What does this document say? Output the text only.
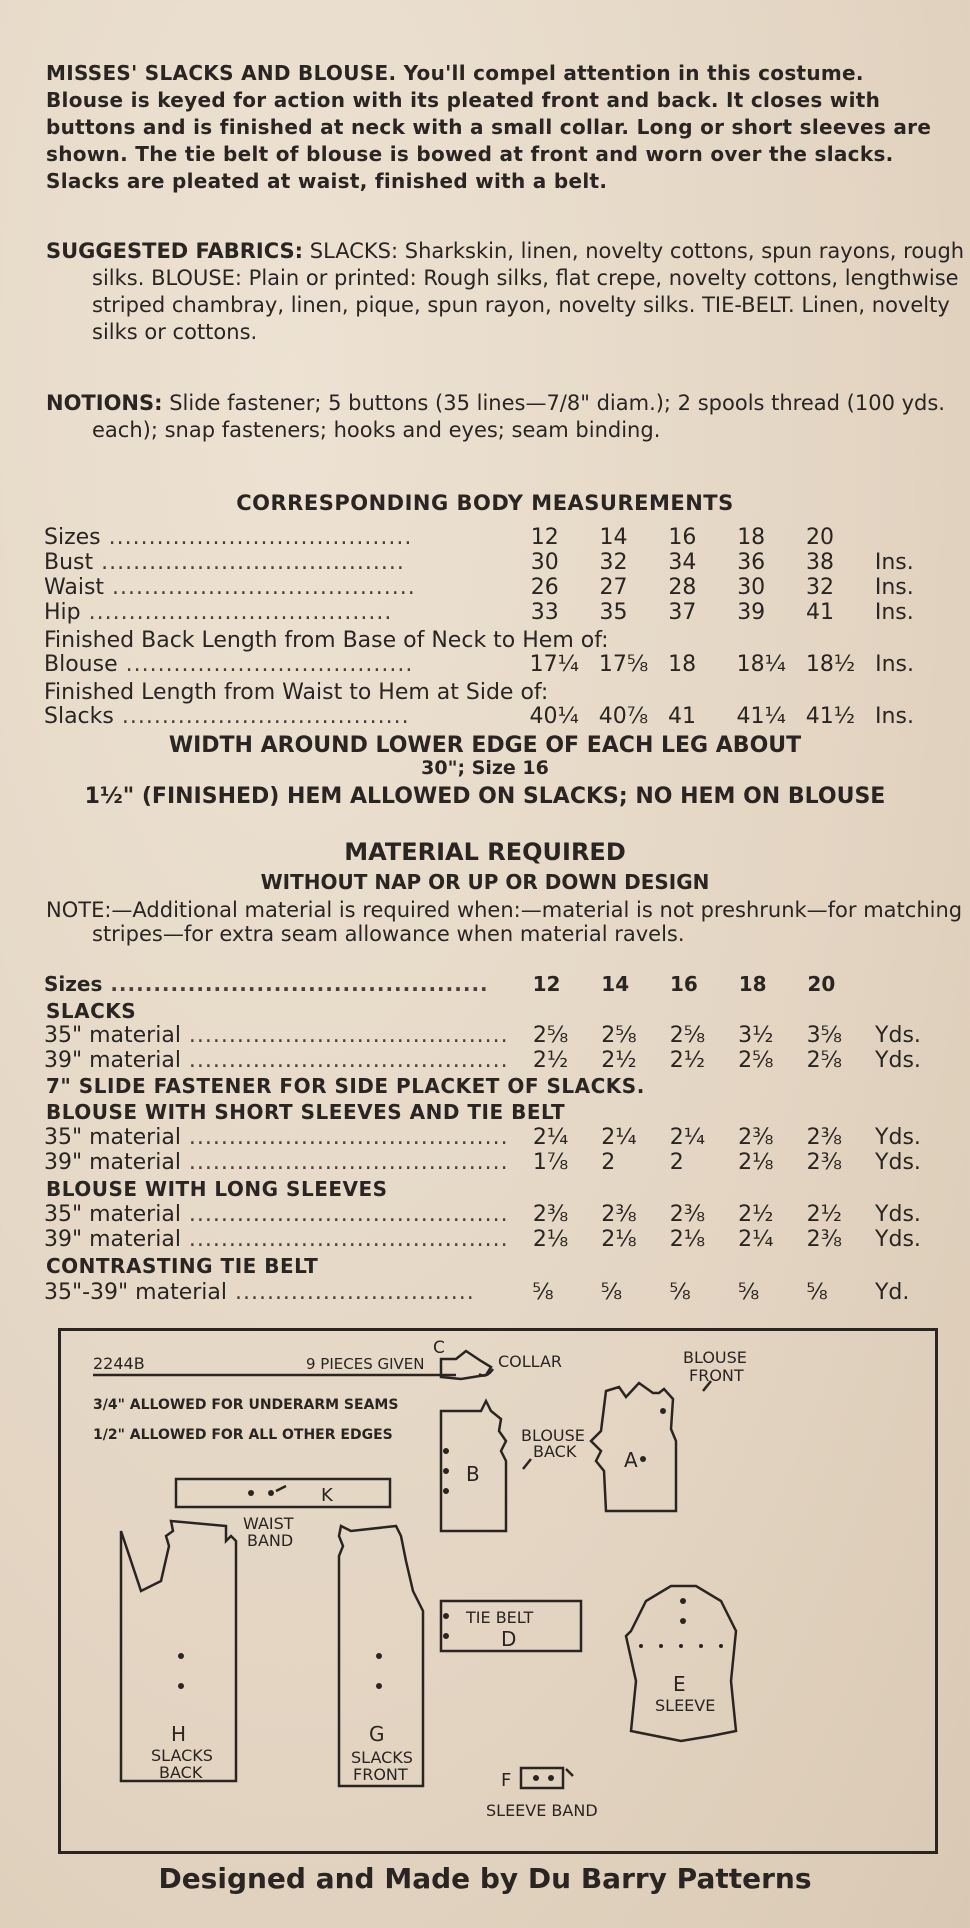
MISSES' SLACKS AND BLOUSE. You'll compel attention in this costume. Blouse is keyed for action with its pleated front and back. It closes with buttons and is finished at neck with a small collar. Long or short sleeves are shown. The tie belt of blouse is bowed at front and worn over the slacks. Slacks are pleated at waist, finished with a belt.

SUGGESTED FABRICS: SLACKS: Sharkskin, linen, novelty cottons, spun rayons, rough silks. BLOUSE: Plain or printed: Rough silks, flat crepe, novelty cottons, lengthwise striped chambray, linen, pique, spun rayon, novelty silks. TIE-BELT. Linen, novelty silks or cottons.

NOTIONS: Slide fastener; 5 buttons (35 lines—7/8" diam.); 2 spools thread (100 yds. each); snap fasteners; hooks and eyes; seam binding.

CORRESPONDING BODY MEASUREMENTS
Sizes ......................................	12	14	16	18	20	
Bust ......................................	30	32	34	36	38	Ins.
Waist ......................................	26	27	28	30	32	Ins.
Hip ......................................	33	35	37	39	41	Ins.
Finished Back Length from Base of Neck to Hem of:
Blouse ....................................	17¼	17⅝	18	18¼	18½	Ins.
Finished Length from Waist to Hem at Side of:
Slacks ....................................	40¼	40⅞	41	41¼	41½	Ins.
WIDTH AROUND LOWER EDGE OF EACH LEG ABOUT
30"; Size 16
1½" (FINISHED) HEM ALLOWED ON SLACKS; NO HEM ON BLOUSE
MATERIAL REQUIRED
WITHOUT NAP OR UP OR DOWN DESIGN

NOTE:—Additional material is required when:—material is not preshrunk—for matching stripes—for extra seam allowance when material ravels.

Sizes ............................................	12	14	16	18	20	
SLACKS
35" material ........................................	2⅝	2⅝	2⅝	3½	3⅝	Yds.
39" material ........................................	2½	2½	2½	2⅝	2⅝	Yds.
7" SLIDE FASTENER FOR SIDE PLACKET OF SLACKS.
BLOUSE WITH SHORT SLEEVES AND TIE BELT
35" material ........................................	2¼	2¼	2¼	2⅜	2⅜	Yds.
39" material ........................................	1⅞	2	2	2⅛	2⅜	Yds.
BLOUSE WITH LONG SLEEVES
35" material ........................................	2⅜	2⅜	2⅜	2½	2½	Yds.
39" material ........................................	2⅛	2⅛	2⅛	2¼	2⅜	Yds.
CONTRASTING TIE BELT
35"-39" material ..............................	⅝	⅝	⅝	⅝	⅝	Yd.
2244B	9 PIECES GIVEN
3/4" ALLOWED FOR UNDERARM SEAMS
1/2" ALLOWED FOR ALL OTHER EDGES
C
COLLAR	BLOUSE
FRONT
A
BLOUSE
BACK
B
K
WAIST
BAND
TIE BELT
D
E
SLEEVE
H
SLACKS
BACK
G
SLACKS
FRONT	F
SLEEVE BAND
Designed and Made by Du Barry Patterns
